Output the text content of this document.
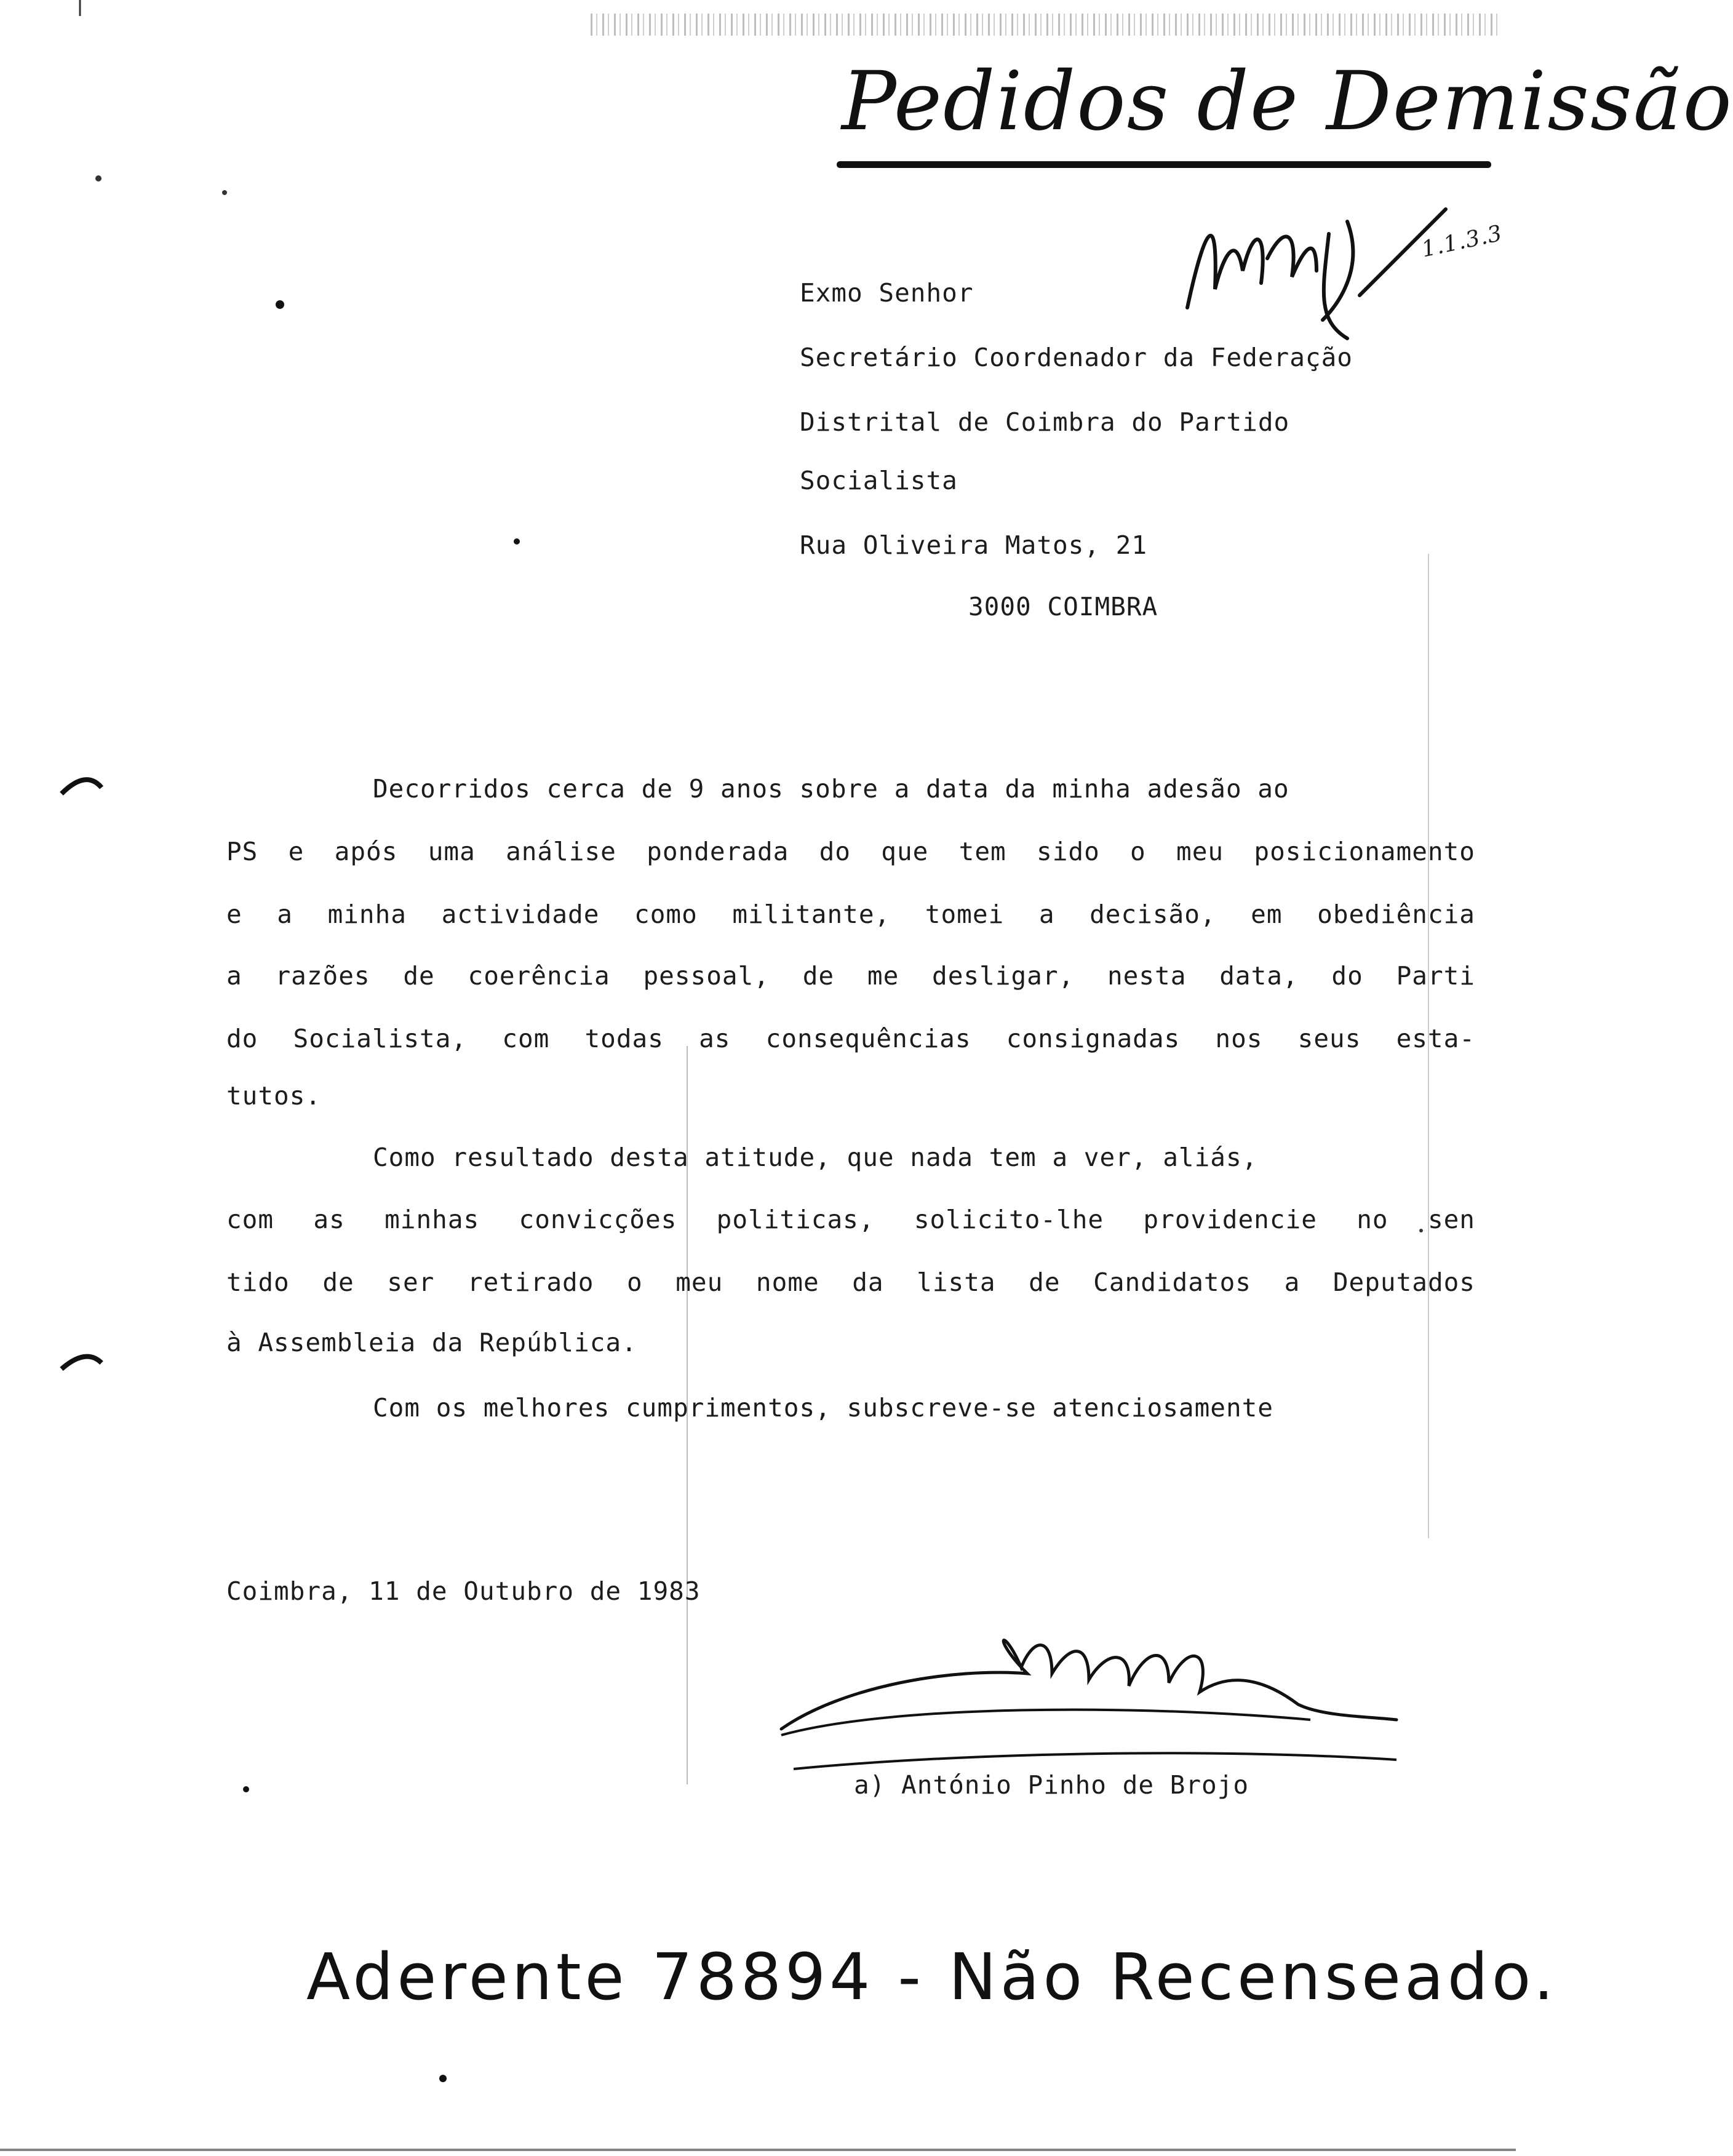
Pedidos de Demissão
1.1.3.3
Exmo Senhor
Secretário Coordenador da Federação
Distrital de Coimbra do Partido
Socialista
Rua Oliveira Matos, 21
3000 COIMBRA
Decorridos cerca de 9 anos sobre a data da minha adesão ao
PS e após uma análise ponderada do que tem sido o meu posicionamento
e a minha actividade como militante, tomei a decisão, em obediência
a razões de coerência pessoal, de me desligar, nesta data, do Parti
do Socialista, com todas as consequências consignadas nos seus esta-
tutos.
Como resultado desta atitude, que nada tem a ver, aliás,
com as minhas convicções politicas, solicito-lhe providencie no sen
tido de ser retirado o meu nome da lista de Candidatos a Deputados
à Assembleia da República.
Com os melhores cumprimentos, subscreve-se atenciosamente
Coimbra, 11 de Outubro de 1983
a) António Pinho de Brojo
Aderente 78894 - Não Recenseado.
